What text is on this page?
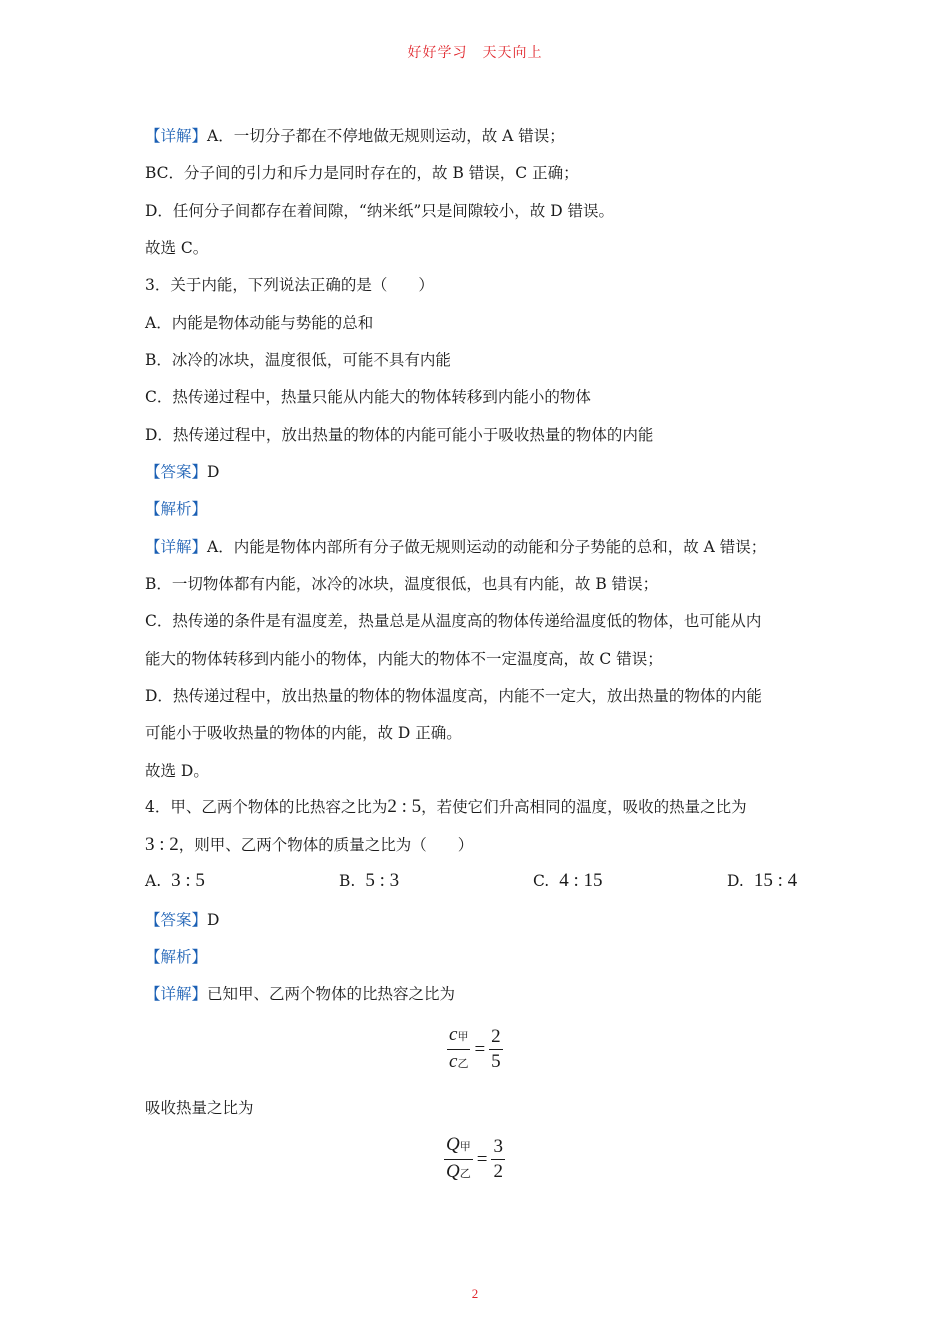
好好学习　天天向上
【详解】A．一切分子都在不停地做无规则运动，故 A 错误；
BC．分子间的引力和斥力是同时存在的，故 B 错误，C 正确；
D．任何分子间都存在着间隙，“纳米纸”只是间隙较小，故 D 错误。
故选 C。
3．关于内能，下列说法正确的是（　　）
A．内能是物体动能与势能的总和
B．冰冷的冰块，温度很低，可能不具有内能
C．热传递过程中，热量只能从内能大的物体转移到内能小的物体
D．热传递过程中，放出热量的物体的内能可能小于吸收热量的物体的内能
【答案】D
【解析】
【详解】A．内能是物体内部所有分子做无规则运动的动能和分子势能的总和，故 A 错误；
B．一切物体都有内能，冰冷的冰块，温度很低，也具有内能，故 B 错误；
C．热传递的条件是有温度差，热量总是从温度高的物体传递给温度低的物体，也可能从内
能大的物体转移到内能小的物体，内能大的物体不一定温度高，故 C 错误；
D．热传递过程中，放出热量的物体的物体温度高，内能不一定大，放出热量的物体的内能
可能小于吸收热量的物体的内能，故 D 正确。
故选 D。
4．甲、乙两个物体的比热容之比为2 : 5，若使它们升高相同的温度，吸收的热量之比为
3 : 2，则甲、乙两个物体的质量之比为（　　）
A. 3 : 5	B. 5 : 3	C. 4 : 15	D. 15 : 4
【答案】D
【解析】
【详解】已知甲、乙两个物体的比热容之比为
$\frac{\text{c甲}}{\text{c乙}} = \frac{2}{5}$
吸收热量之比为
$\frac{\text{Q甲}}{\text{Q乙}} = \frac{3}{2}$
2
